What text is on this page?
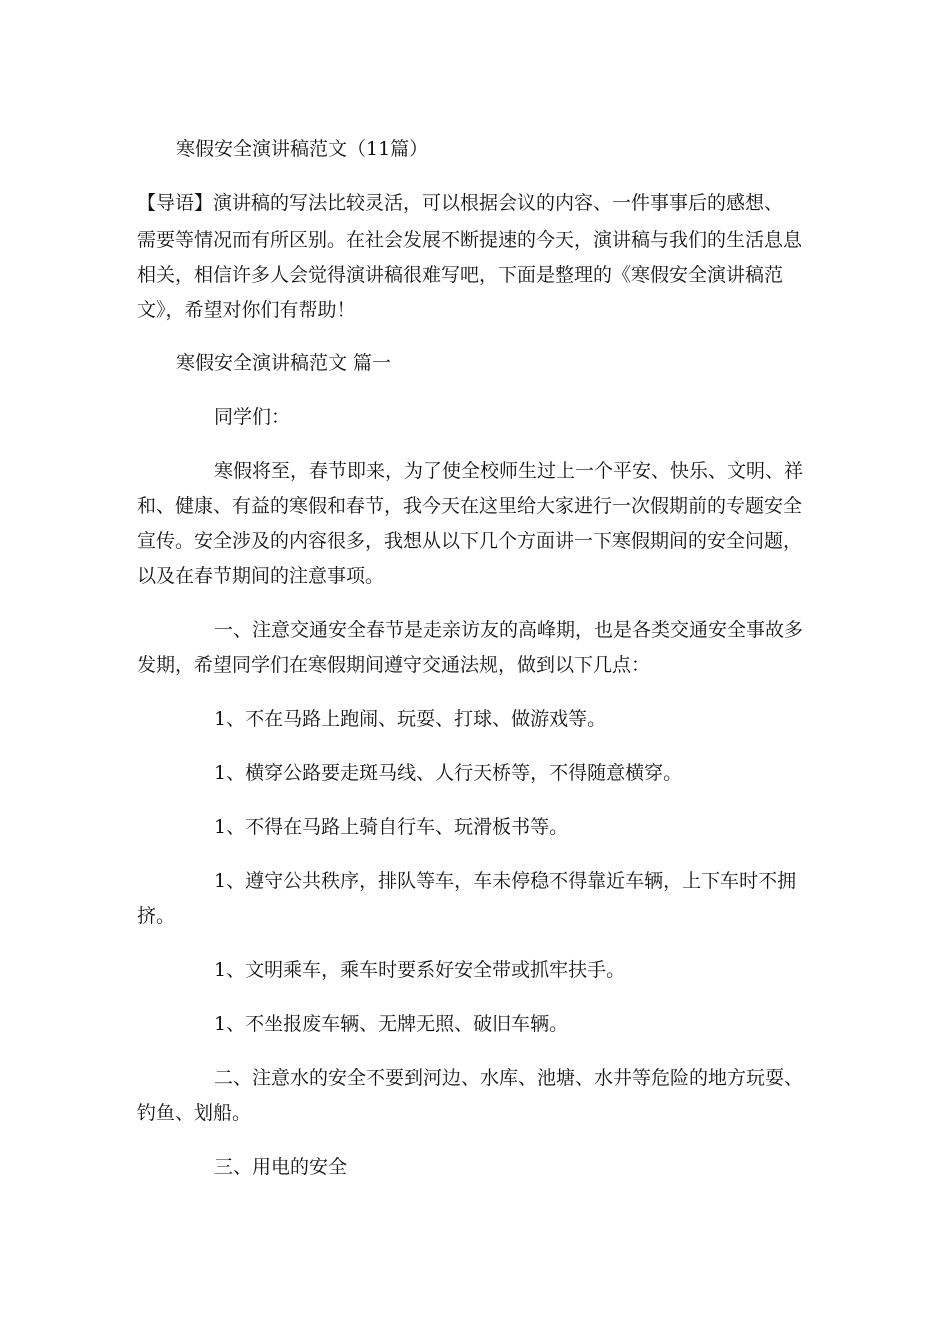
寒假安全演讲稿范文（11篇）

【导语】演讲稿的写法比较灵活，可以根据会议的内容、一件事事后的感想、

需要等情况而有所区别。在社会发展不断提速的今天，演讲稿与我们的生活息息

相关，相信许多人会觉得演讲稿很难写吧，下面是整理的《寒假安全演讲稿范

文》，希望对你们有帮助！

寒假安全演讲稿范文 篇一

同学们：

寒假将至，春节即来，为了使全校师生过上一个平安、快乐、文明、祥

和、健康、有益的寒假和春节，我今天在这里给大家进行一次假期前的专题安全

宣传。安全涉及的内容很多，我想从以下几个方面讲一下寒假期间的安全问题，

以及在春节期间的注意事项。

一、注意交通安全春节是走亲访友的高峰期，也是各类交通安全事故多

发期，希望同学们在寒假期间遵守交通法规，做到以下几点：

1、不在马路上跑闹、玩耍、打球、做游戏等。

1、横穿公路要走斑马线、人行天桥等，不得随意横穿。

1、不得在马路上骑自行车、玩滑板书等。

1、遵守公共秩序，排队等车，车未停稳不得靠近车辆，上下车时不拥

挤。

1、文明乘车，乘车时要系好安全带或抓牢扶手。

1、不坐报废车辆、无牌无照、破旧车辆。

二、注意水的安全不要到河边、水库、池塘、水井等危险的地方玩耍、

钓鱼、划船。

三、用电的安全
